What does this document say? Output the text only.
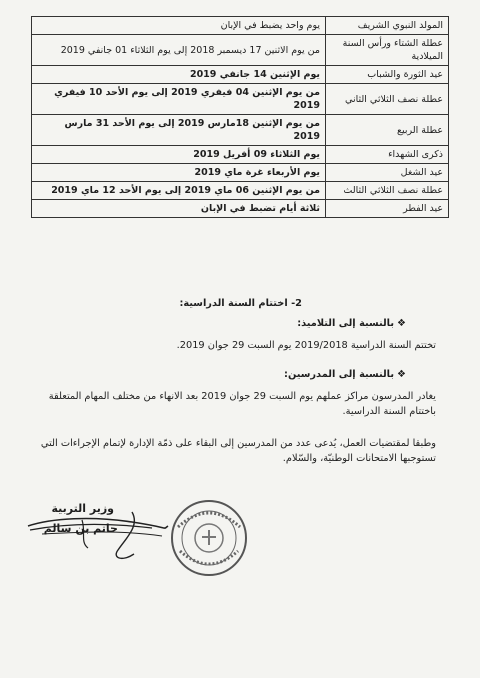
المولد النبوي الشريف	يوم واحد يضبط في الإبان
عطلة الشتاء ورأس السنة الميلادية	من يوم الاثنين 17 ديسمبر 2018 إلى يوم الثلاثاء 01 جانفي 2019
عيد الثورة والشباب	يوم الإثنين 14 جانفي 2019
عطلة نصف الثلاثي الثاني	من يوم الإثنين 04 فيفري 2019 إلى يوم الأحد 10 فيفري 2019
عطلة الربيع	من يوم الإثنين 18مارس 2019 إلى يوم الأحد 31 مارس 2019
ذكرى الشهداء	يوم الثلاثاء 09 أفريل 2019
عيد الشغل	يوم الأربعاء غرة ماي 2019
عطلة نصف الثلاثي الثالث	من يوم الإثنين 06 ماي 2019 إلى يوم الأحد 12 ماي 2019
عيد الفطر	ثلاثة أيام تضبط في الإبان
2- اختتام السنة الدراسية:
❖بالنسبة إلى التلاميذ:
تختتم السنة الدراسية 2019/2018 يوم السبت 29 جوان 2019.
❖بالنسبة إلى المدرسين:
يغادر المدرسون مراكز عملهم يوم السبت 29 جوان 2019 بعد الانهاء من مختلف المهام المتعلقة باختتام السنة الدراسية.
وطبقا لمقتضيات العمل، يُدعى عدد من المدرسين إلى البقاء على ذمّة الإدارة لإتمام الإجراءات التي تستوجبها الامتحانات الوطنيّة، والسّلام.
وزير التربية
حاتم بن سالم
